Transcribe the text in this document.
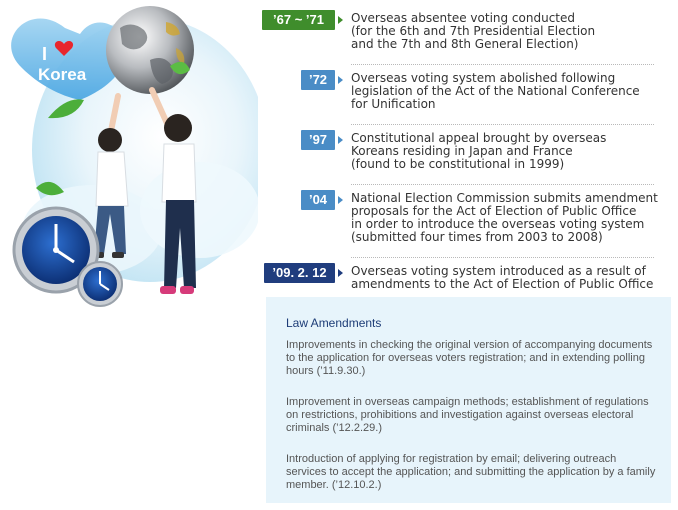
I
Korea
’67 ~ ’71	Overseas absentee voting conducted
(for the 6th and 7th Presidential Election
and the 7th and 8th General Election)
’72	Overseas voting system abolished following
legislation of the Act of the National Conference
for Unification
’97	Constitutional appeal brought by overseas
Koreans residing in Japan and France
(found to be constitutional in 1999)
’04	National Election Commission submits amendment
proposals for the Act of Election of Public Office
in order to introduce the overseas voting system
(submitted four times from 2003 to 2008)
’09. 2. 12	Overseas voting system introduced as a result of
amendments to the Act of Election of Public Office
Law Amendments
Improvements in checking the original version of accompanying documents to the application for overseas voters registration; and in extending polling hours (’11.9.30.)
Improvement in overseas campaign methods; establishment of regulations on restrictions, prohibitions and investigation against overseas electoral criminals (’12.2.29.)
Introduction of applying for registration by email; delivering outreach services to accept the application; and submitting the application by a family member. (’12.10.2.)
